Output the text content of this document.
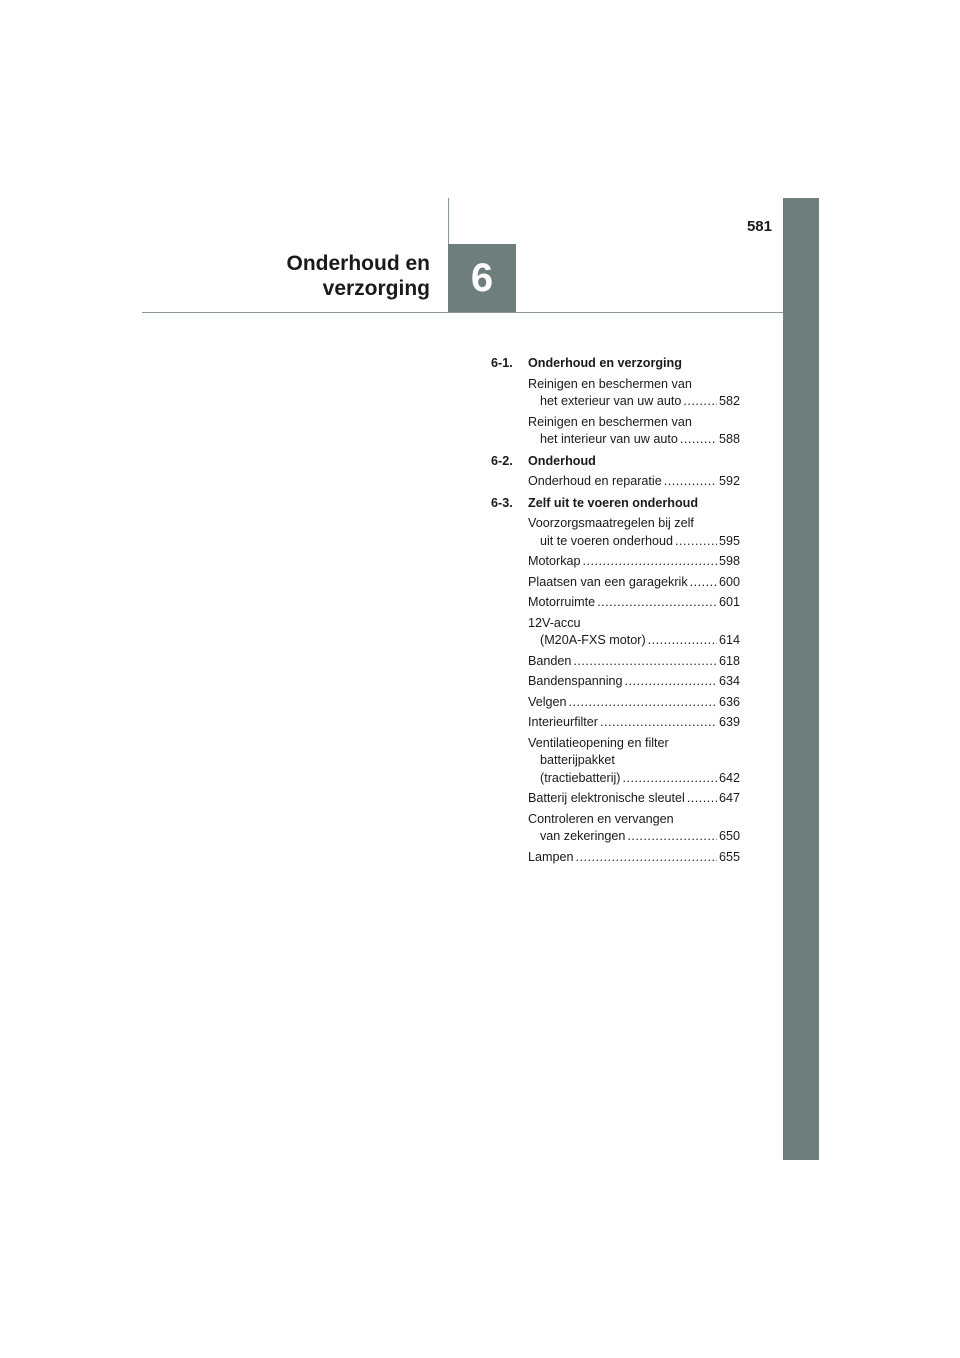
581
6
Onderhoud en
verzorging
6-1.	Onderhoud en verzorging
Reinigen en beschermen van
het exterieur van uw auto .....	582
Reinigen en beschermen van
het interieur van uw auto .....	588
6-2.	Onderhoud
Onderhoud en reparatie .....	592
6-3.	Zelf uit te voeren onderhoud
Voorzorgsmaatregelen bij zelf
uit te voeren onderhoud .....	595
Motorkap .....	598
Plaatsen van een garagekrik ..... 600
Motorruimte .....	601
12V-accu
(M20A-FXS motor) .....	614
Banden .....	618
Bandenspanning .....	634
Velgen .....	636
Interieurfilter .....	639
Ventilatieopening en filter
batterijpakket
(tractiebatterij) .....	642
Batterij elektronische sleutel .....	647
Controleren en vervangen
van zekeringen .....	650
Lampen .....	655
